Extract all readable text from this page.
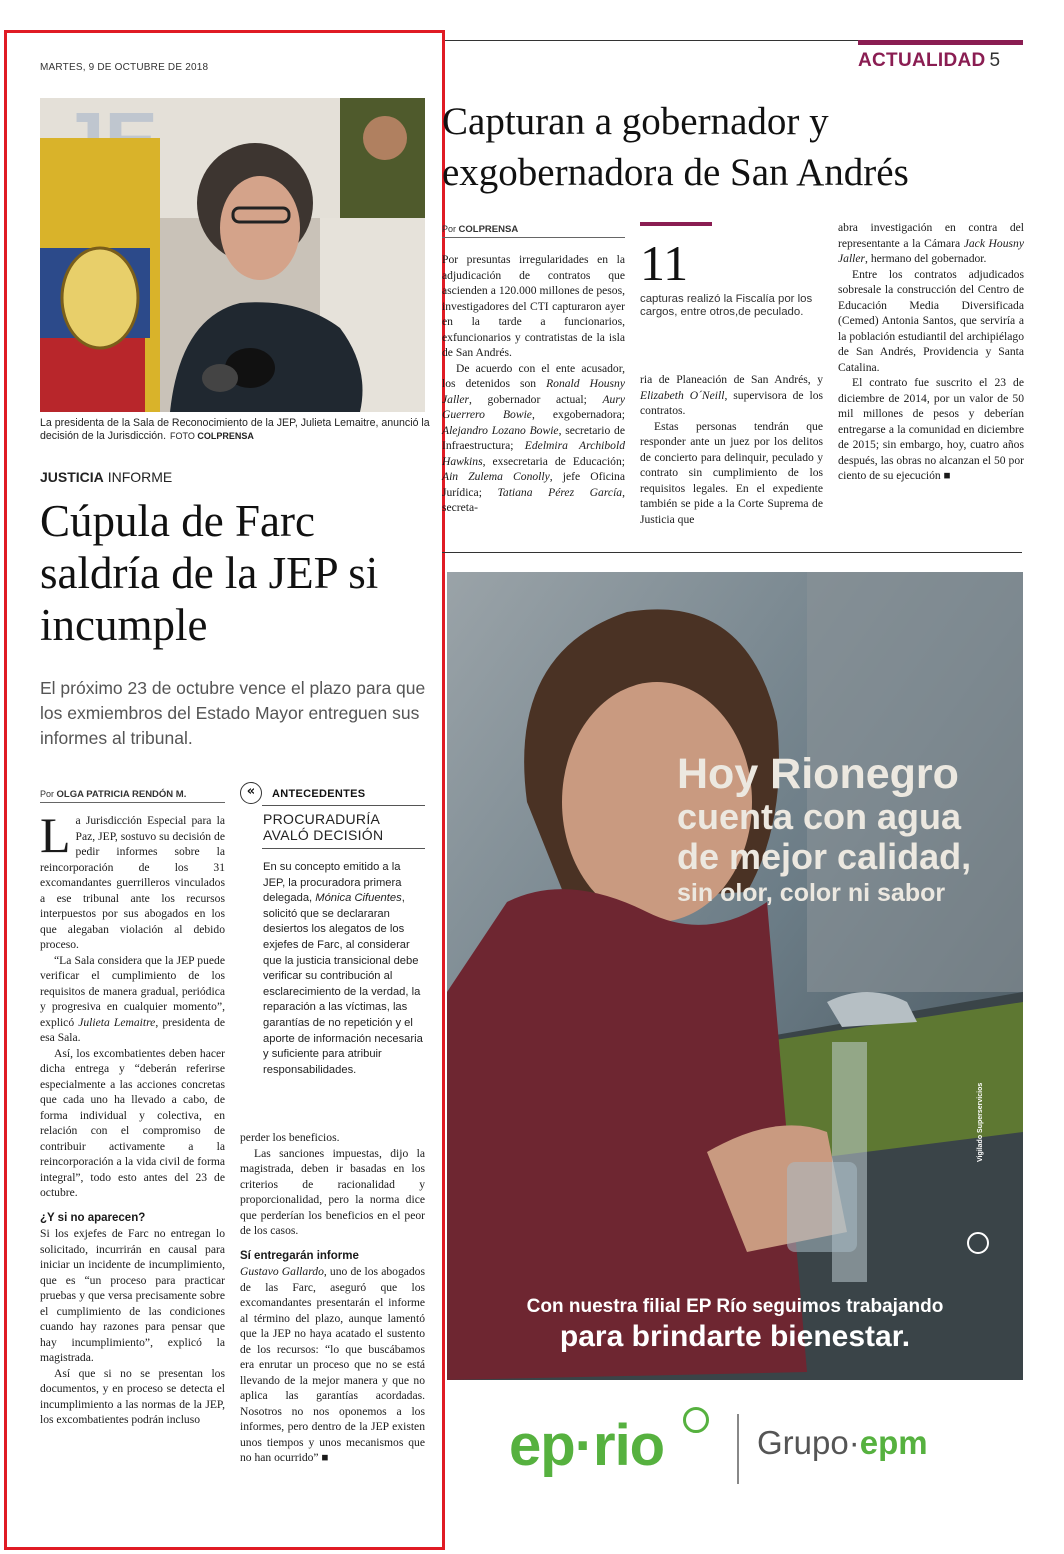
ACTUALIDAD 5
MARTES, 9 DE OCTUBRE DE 2018
La presidenta de la Sala de Reconocimiento de la JEP, Julieta Lemaitre, anunció la decisión de la Jurisdicción. FOTO COLPRENSA
JUSTICIA INFORME
Cúpula de Farc saldría de la JEP si incumple
El próximo 23 de octubre vence el plazo para que los exmiembros del Estado Mayor entreguen sus informes al tribunal.
Por OLGA PATRICIA RENDÓN M.

La Jurisdicción Especial para la Paz, JEP, sostuvo su decisión de pedir informes sobre la reincorporación de los 31 excomandantes guerrilleros vinculados a ese tribunal ante los recursos interpuestos por sus abogados en los que alegaban violación al debido proceso.

“La Sala considera que la JEP puede verificar el cumplimiento de los requisitos de manera gradual, periódica y progresiva en cualquier momento”, explicó Julieta Lemaitre, presidenta de esa Sala.

Así, los excombatientes deben hacer dicha entrega y “deberán referirse especialmente a las acciones concretas que cada uno ha llevado a cabo, de forma individual y colectiva, en relación con el compromiso de contribuir activamente a la reincorporación a la vida civil de forma integral”, todo esto antes del 23 de octubre.

¿Y si no aparecen?

Si los exjefes de Farc no entregan lo solicitado, incurrirán en causal para iniciar un incidente de incumplimiento, que es “un proceso para practicar pruebas y que versa precisamente sobre el cumplimiento de las condiciones cuando hay razones para pensar que hay incumplimiento”, explicó la magistrada.

Así que si no se presentan los documentos, y en proceso se detecta el incumplimiento a las normas de la JEP, los excombatientes podrán incluso

«	ANTECEDENTES
PROCURADURÍA AVALÓ DECISIÓN
En su concepto emitido a la JEP, la procuradora primera delegada, Mónica Cifuentes, solicitó que se declararan desiertos los alegatos de los exjefes de Farc, al considerar que la justicia transicional debe verificar su contribución al esclarecimiento de la verdad, la reparación a las víctimas, las garantías de no repetición y el aporte de información necesaria y suficiente para atribuir responsabilidades.

perder los beneficios.

Las sanciones impuestas, dijo la magistrada, deben ir basadas en los criterios de racionalidad y proporcionalidad, pero la norma dice que perderían los beneficios en el peor de los casos.

Sí entregarán informe

Gustavo Gallardo, uno de los abogados de las Farc, aseguró que los excomandantes presentarán el informe al término del plazo, aunque lamentó que la JEP no haya acatado el sustento de los recursos: “lo que buscábamos era enrutar un proceso que no se está llevando de la mejor manera y que no aplica las garantías acordadas. Nosotros no nos oponemos a los informes, pero dentro de la JEP existen unos tiempos y unos mecanismos que no han ocurrido” ■

Capturan a gobernador y exgobernadora de San Andrés
Por COLPRENSA

Por presuntas irregularidades en la adjudicación de contratos que ascienden a 120.000 millones de pesos, investigadores del CTI capturaron ayer en la tarde a funcionarios, exfuncionarios y contratistas de la isla de San Andrés.

De acuerdo con el ente acusador, los detenidos son Ronald Housny Jaller, gobernador actual; Aury Guerrero Bowie, exgobernadora; Alejandro Lozano Bowie, secretario de Infraestructura; Edelmira Archibold Hawkins, exsecretaria de Educación; Ain Zulema Conolly, jefe Oficina Jurídica; Tatiana Pérez García, secreta-

11
capturas realizó la Fiscalía por los cargos, entre otros,de peculado.

ria de Planeación de San Andrés, y Elizabeth O´Neill, supervisora de los contratos.

Estas personas tendrán que responder ante un juez por los delitos de concierto para delinquir, peculado y contrato sin cumplimiento de los requisitos legales. En el expediente también se pide a la Corte Suprema de Justicia que

abra investigación en contra del representante a la Cámara Jack Housny Jaller, hermano del gobernador.

Entre los contratos adjudicados sobresale la construcción del Centro de Educación Media Diversificada (Cemed) Antonia Santos, que serviría a la población estudiantil del archipiélago de San Andrés, Providencia y Santa Catalina.

El contrato fue suscrito el 23 de diciembre de 2014, por un valor de 50 mil millones de pesos y deberían entregarse a la comunidad en diciembre de 2015; sin embargo, hoy, cuatro años después, las obras no alcanzan el 50 por ciento de su ejecución ■

Hoy Rionegro
cuenta con agua
de mejor calidad,
sin olor, color ni sabor
Vigilado Superservicios
Con nuestra filial EP Río seguimos trabajando
para brindarte bienestar.
ep·rio	Grupo·epm
